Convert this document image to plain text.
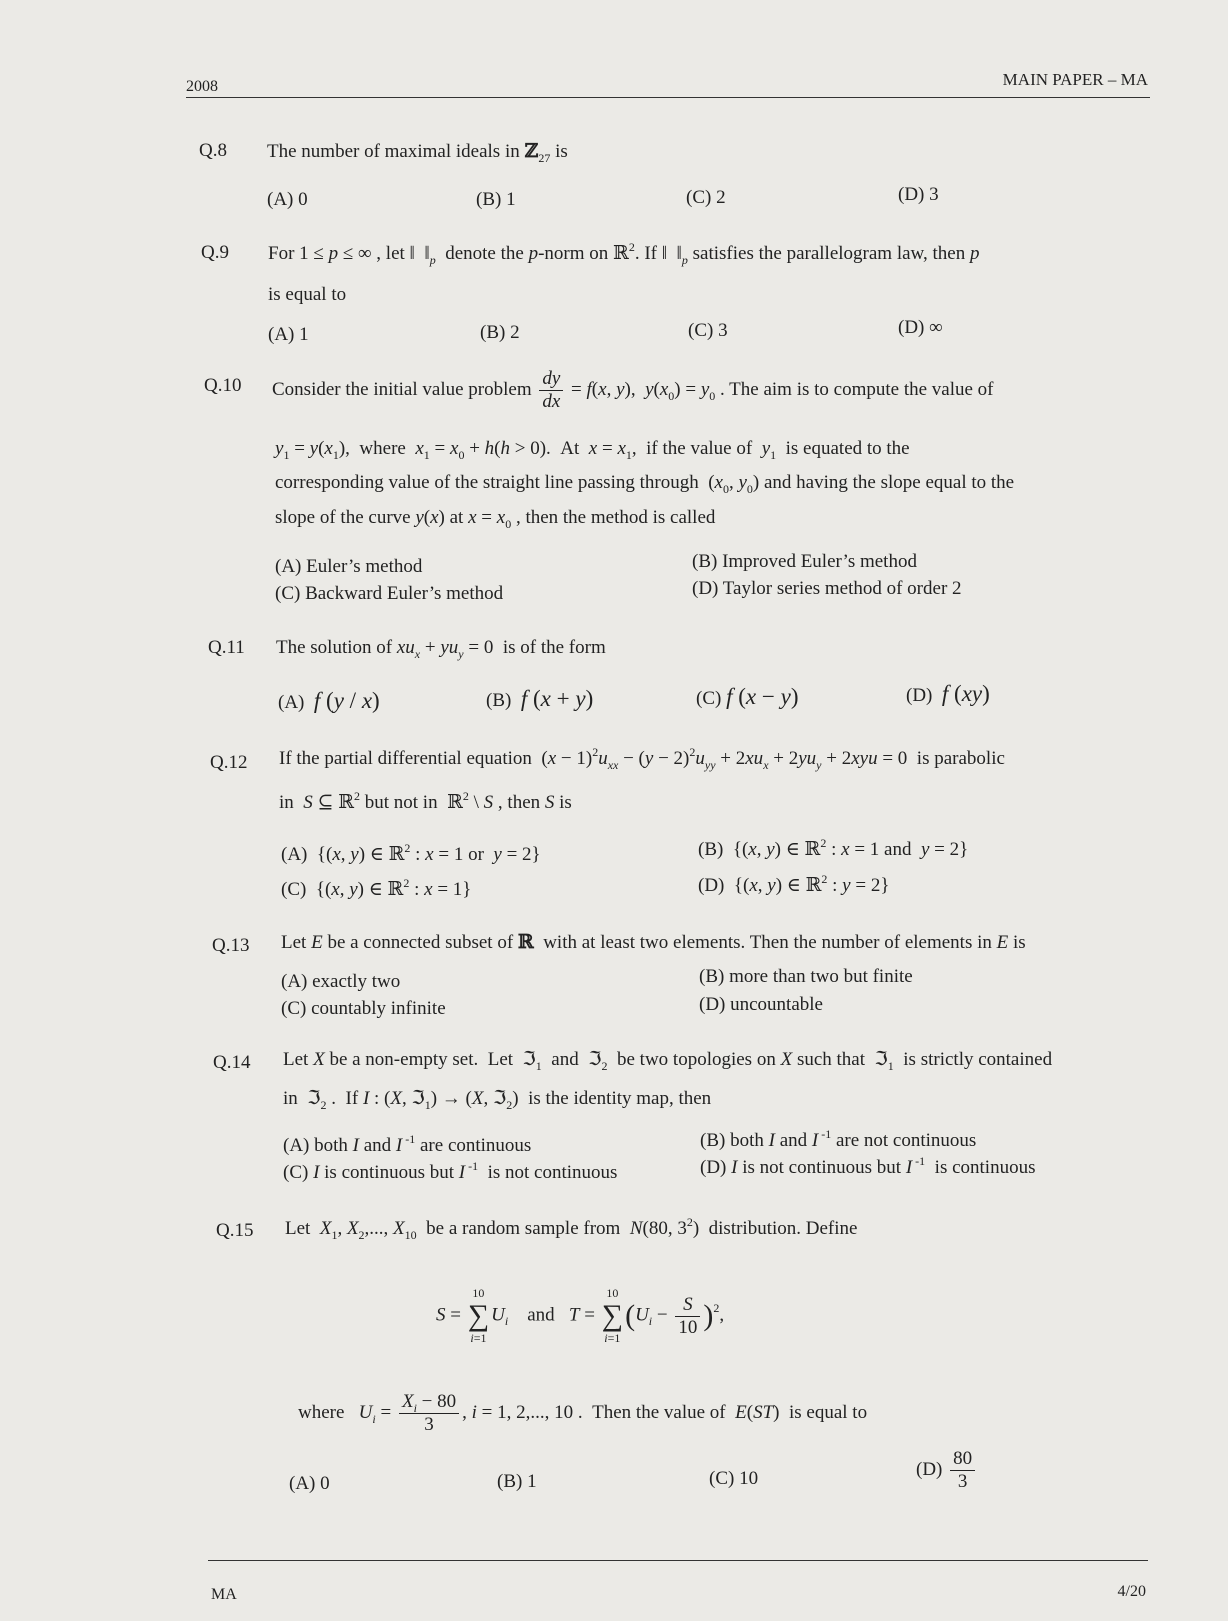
2008	MAIN PAPER – MA
Q.8 The number of maximal ideals in ℤ$_{27}$ is
(A) 0	(B) 1	(C) 2	(D) 3
Q.9 For 1 ≤ p ≤ ∞ , let ‖  $‖_p$  denote the p-norm on ℝ$^2$. If ‖  $‖_p$ satisfies the parallelogram law, then p
is equal to
(A) 1	(B) 2	(C) 3	(D) ∞
Q.10 Consider the initial value problem $\frac{dy}{dx} = f(x$, y),  $y(x_0) = y_0$ . The aim is to compute the value of
$y_1 = y(x_1)$,  where  $x_1 = x_0 + h(h > 0)$.  At  $x = x_1$,  if the value of  $y_1$  is equated to the
corresponding value of the straight line passing through  ($x_0$, $y_0$) and having the slope equal to the
slope of the curve y(x) at $x = x_0$ , then the method is called
(A) Euler’s method	(B) Improved Euler’s method
(C) Backward Euler’s method	(D) Taylor series method of order 2
Q.11 The solution of $xu_x + yu_y = 0$  is of the form
(A)  f (y / x)	(B)  f (x + y)	(C) f (x − y)	(D)  f (xy)
Q.12 If the partial differential equation  $(x - 1)^2u_{xx} - (y - 2)^2u_{yy} + 2xu_x + 2yu_y + 2xyu = 0$  is parabolic
in  S ⊆ ℝ$^2$ but not in  ℝ$^2$ \ S , then S is
(A)  {(x, y) ∈ ℝ$^2$ : x = 1 or  y = 2}	(B)  {(x, y) ∈ ℝ$^2$ : x = 1 and  y = 2}
(C)  {(x, y) ∈ ℝ$^2$ : x = 1}	(D)  {(x, y) ∈ ℝ$^2$ : y = 2}
Q.13 Let E be a connected subset of ℝ with at least two elements. Then the number of elements in E is
(A) exactly two	(B) more than two but finite
(C) countably infinite	(D) uncountable
Q.14 Let X be a non-empty set.  Let  ℑ$_1$  and  ℑ$_2$  be two topologies on X such that  ℑ$_1$  is strictly contained
in  ℑ$_2$ .  If I : (X, ℑ$_1$) → (X, ℑ$_2$)  is the identity map, then
(A) both I and I $^{-1}$ are continuous	(B) both I and I $^{-1}$ are not continuous
(C) I is continuous but I $^{-1}$  is not continuous	(D) I is not continuous but I $^{-1}$  is continuous
Q.15 Let  $X_1$, $X_2$,..., $X_{10}$  be a random sample from  N(80, $3^2$)  distribution. Define
S =
10
∑
i=1
$U_i$    and   T =
10
∑
i=1
$(U_i - \frac{S}{10} )^2$,
where   $U_i = \frac{X_i - 80}{3}$ , i = 1, 2,..., 10 .  Then the value of  E(ST)  is equal to
(A) 0	(B) 1	(C) 10	$(D) \frac{80}{3}$
MA	4/20
